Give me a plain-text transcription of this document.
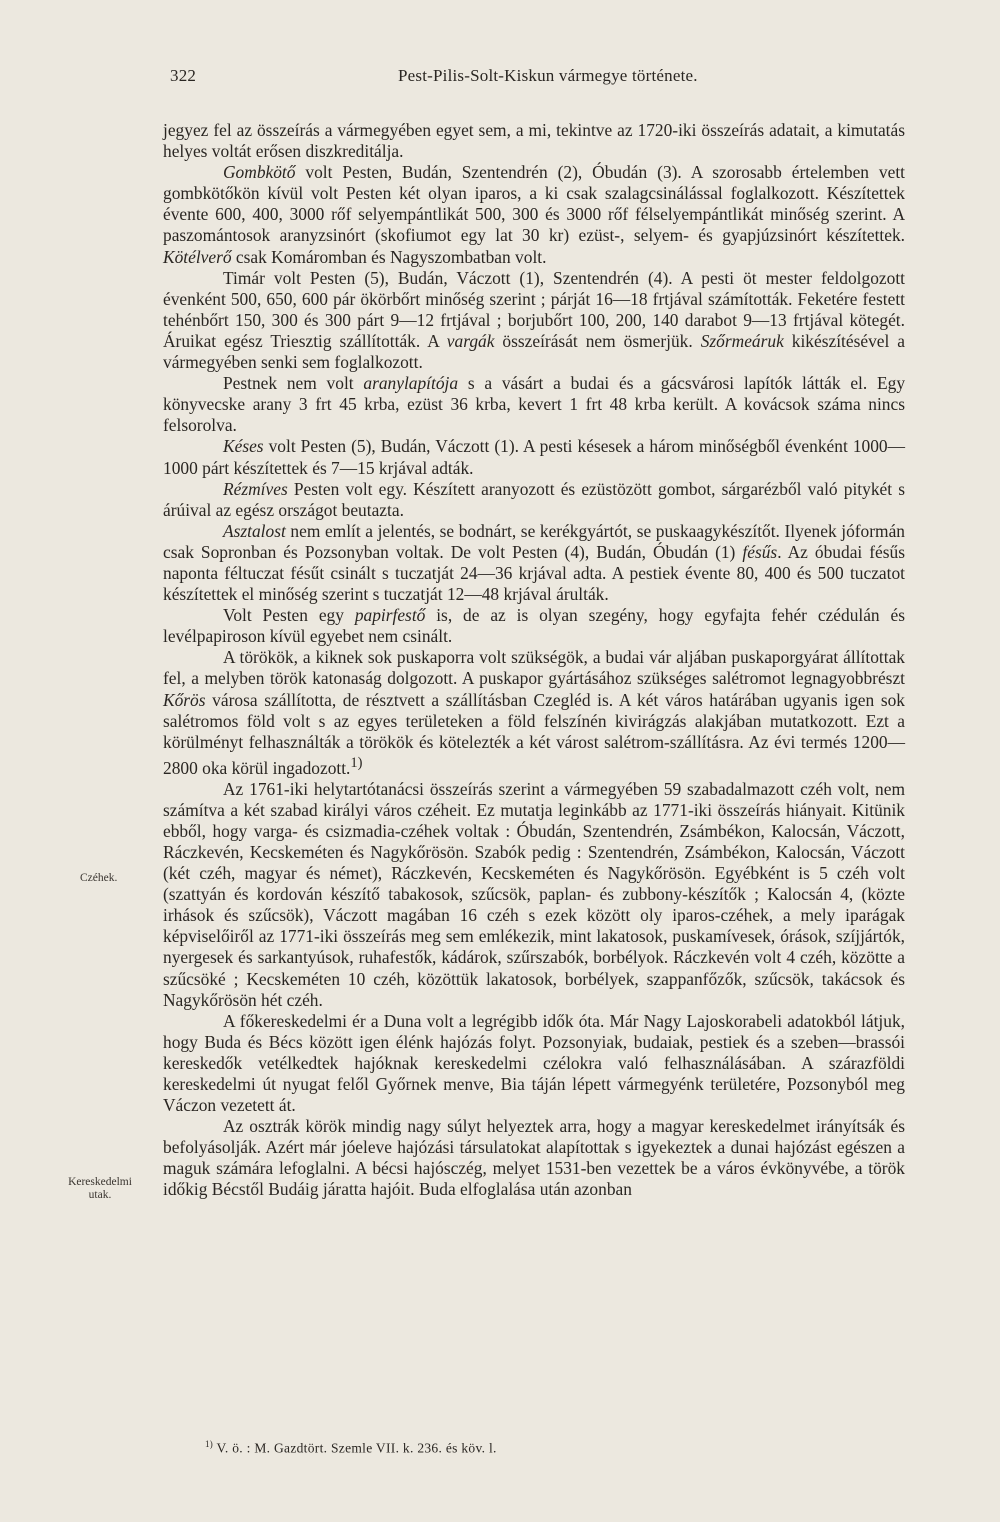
322	Pest-Pilis-Solt-Kiskun vármegye története.
Czéhek.
Kereskedelmi utak.

jegyez fel az összeírás a vármegyében egyet sem, a mi, tekintve az 1720-iki összeírás adatait, a kimutatás helyes voltát erősen diszkreditálja.

Gombkötő volt Pesten, Budán, Szentendrén (2), Óbudán (3). A szorosabb értelemben vett gombkötőkön kívül volt Pesten két olyan iparos, a ki csak szalagcsinálással foglalkozott. Készítettek évente 600, 400, 3000 rőf selyempántlikát 500, 300 és 3000 rőf félselyempántlikát minőség szerint. A paszomántosok aranyzsinórt (skofiumot egy lat 30 kr) ezüst-, selyem- és gyapjúzsinórt készítettek. Kötélverő csak Komáromban és Nagyszombatban volt.

Timár volt Pesten (5), Budán, Váczott (1), Szentendrén (4). A pesti öt mester feldolgozott évenként 500, 650, 600 pár ökörbőrt minőség szerint ; párját 16—18 frtjával számították. Feketére festett tehénbőrt 150, 300 és 300 párt 9—12 frtjával ; borjubőrt 100, 200, 140 darabot 9—13 frtjával kötegét. Áruikat egész Triesztig szállították. A vargák összeírását nem ösmerjük. Szőrmeáruk kikészítésével a vármegyében senki sem foglalkozott.

Pestnek nem volt aranylapítója s a vásárt a budai és a gácsvárosi lapítók látták el. Egy könyvecske arany 3 frt 45 krba, ezüst 36 krba, kevert 1 frt 48 krba került. A kovácsok száma nincs felsorolva.

Késes volt Pesten (5), Budán, Váczott (1). A pesti késesek a három minőségből évenként 1000—1000 párt készítettek és 7—15 krjával adták.

Rézmíves Pesten volt egy. Készített aranyozott és ezüstözött gombot, sárgarézből való pitykét s árúival az egész országot beutazta.

Asztalost nem említ a jelentés, se bodnárt, se kerékgyártót, se puskaagykészítőt. Ilyenek jóformán csak Sopronban és Pozsonyban voltak. De volt Pesten (4), Budán, Óbudán (1) fésűs. Az óbudai fésűs naponta féltuczat fésűt csinált s tuczatját 24—36 krjával adta. A pestiek évente 80, 400 és 500 tuczatot készítettek el minőség szerint s tuczatját 12—48 krjával árulták.

Volt Pesten egy papirfestő is, de az is olyan szegény, hogy egyfajta fehér czédulán és levélpapiroson kívül egyebet nem csinált.

A törökök, a kiknek sok puskaporra volt szükségök, a budai vár aljában puskaporgyárat állítottak fel, a melyben török katonaság dolgozott. A puskapor gyártásához szükséges salétromot legnagyobbrészt Kőrös városa szállította, de résztvett a szállításban Czegléd is. A két város határában ugyanis igen sok salétromos föld volt s az egyes területeken a föld felszínén kivirágzás alakjában mutatkozott. Ezt a körülményt felhasználták a törökök és kötelezték a két várost salétrom-szállításra. Az évi termés 1200—2800 oka körül ingadozott.$^{1)}$

Az 1761-iki helytartótanácsi összeírás szerint a vármegyében 59 szabadalmazott czéh volt, nem számítva a két szabad királyi város czéheit. Ez mutatja leginkább az 1771-iki összeírás hiányait. Kitünik ebből, hogy varga- és csizmadia-czéhek voltak : Óbudán, Szentendrén, Zsámbékon, Kalocsán, Váczott, Ráczkevén, Kecskeméten és Nagykőrösön. Szabók pedig : Szentendrén, Zsámbékon, Kalocsán, Váczott (két czéh, magyar és német), Ráczkevén, Kecskeméten és Nagykőrösön. Egyébként is 5 czéh volt (szattyán és kordován készítő tabakosok, szűcsök, paplan- és zubbony-készítők ; Kalocsán 4, (közte irhások és szűcsök), Váczott magában 16 czéh s ezek között oly iparos-czéhek, a mely iparágak képviselőiről az 1771-iki összeírás meg sem emlékezik, mint lakatosok, puskamívesek, órások, szíjjártók, nyergesek és sarkantyúsok, ruhafestők, kádárok, szűrszabók, borbélyok. Ráczkevén volt 4 czéh, közötte a szűcsöké ; Kecskeméten 10 czéh, közöttük lakatosok, borbélyek, szappanfőzők, szűcsök, takácsok és Nagykőrösön hét czéh.

A főkereskedelmi ér a Duna volt a legrégibb idők óta. Már Nagy Lajoskorabeli adatokból látjuk, hogy Buda és Bécs között igen élénk hajózás folyt. Pozsonyiak, budaiak, pestiek és a szeben—brassói kereskedők vetélkedtek hajóknak kereskedelmi czélokra való felhasználásában. A szárazföldi kereskedelmi út nyugat felől Győrnek menve, Bia táján lépett vármegyénk területére, Pozsonyból meg Váczon vezetett át.

Az osztrák körök mindig nagy súlyt helyeztek arra, hogy a magyar kereskedelmet irányítsák és befolyásolják. Azért már jóeleve hajózási társulatokat alapítottak s igyekeztek a dunai hajózást egészen a maguk számára lefoglalni. A bécsi hajósczég, melyet 1531-ben vezettek be a város évkönyvébe, a török időkig Bécstől Budáig járatta hajóit. Buda elfoglalása után azonban

$^{1)}$ V. ö. : M. Gazdtört. Szemle VII. k. 236. és köv. l.
